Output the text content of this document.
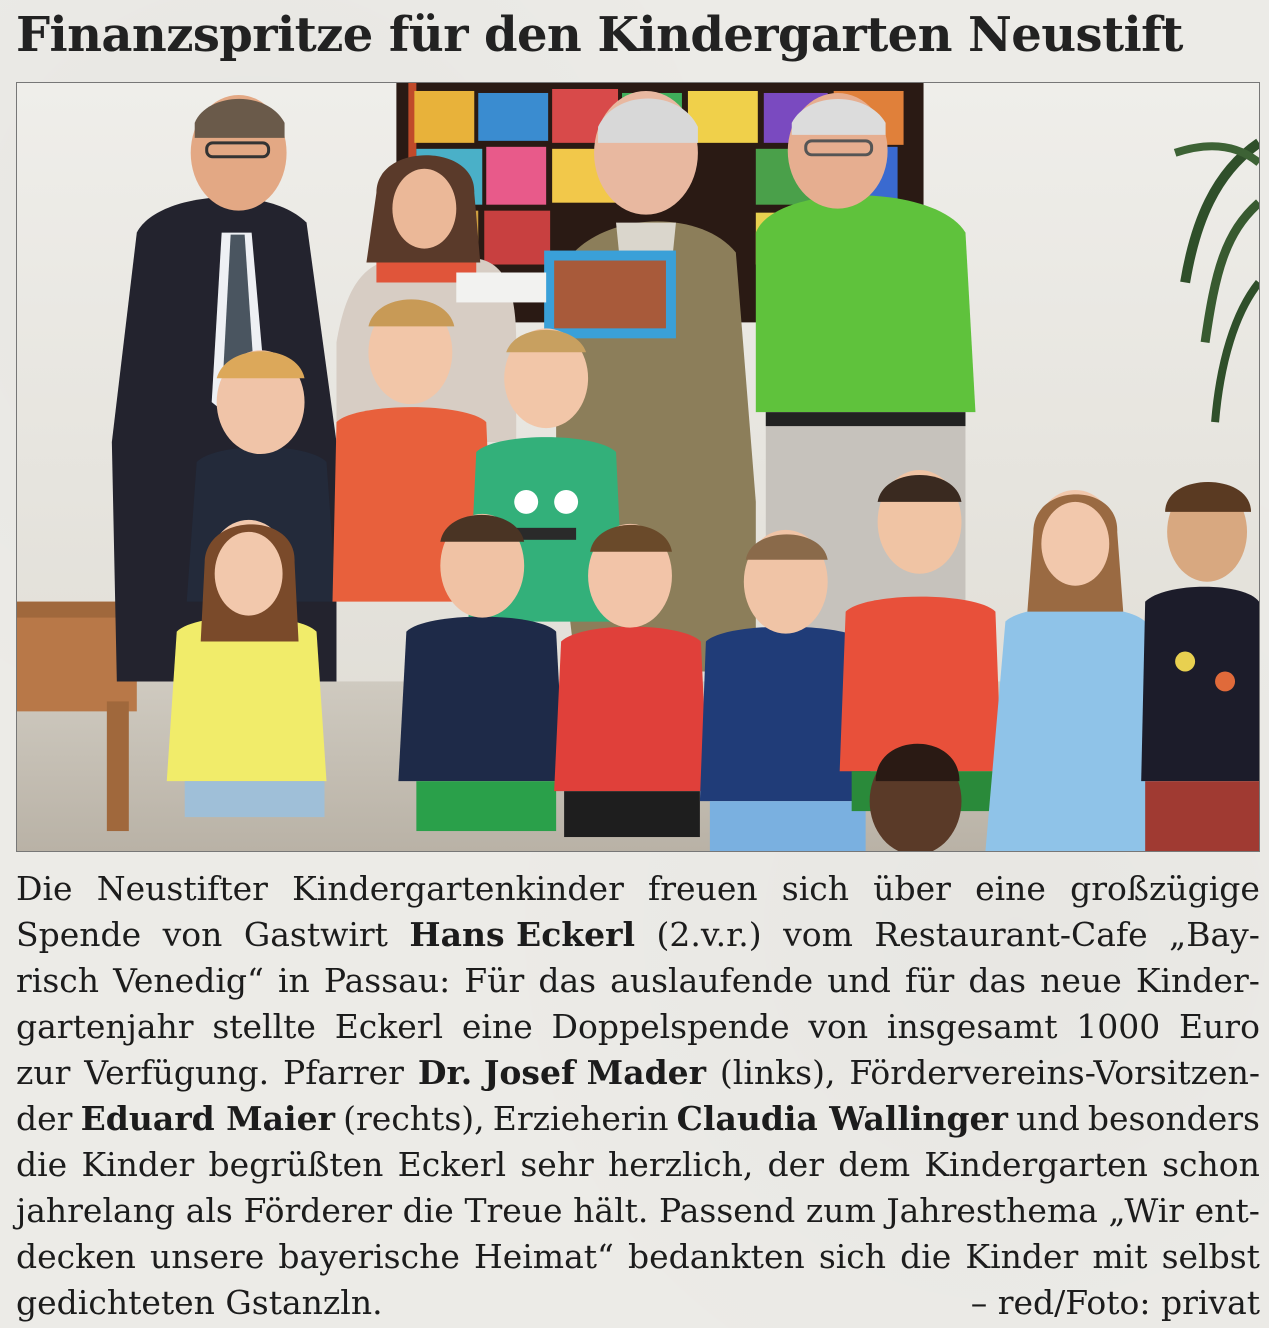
Finanzspritze für den Kindergarten Neustift
Die Neustifter Kindergartenkinder freuen sich über eine großzügige
Spende von Gastwirt Hans Eckerl (2.v.r.) vom Restaurant-Cafe „Bay-
risch Venedig“ in Passau: Für das auslaufende und für das neue Kinder-
gartenjahr stellte Eckerl eine Doppelspende von insgesamt 1000 Euro
zur Verfügung. Pfarrer Dr. Josef Mader (links), Fördervereins-Vorsitzen-
der Eduard Maier (rechts), Erzieherin Claudia Wallinger und besonders
die Kinder begrüßten Eckerl sehr herzlich, der dem Kindergarten schon
jahrelang als Förderer die Treue hält. Passend zum Jahresthema „Wir ent-
decken unsere bayerische Heimat“ bedankten sich die Kinder mit selbst
gedichteten Gstanzln.	– red/Foto: privat
